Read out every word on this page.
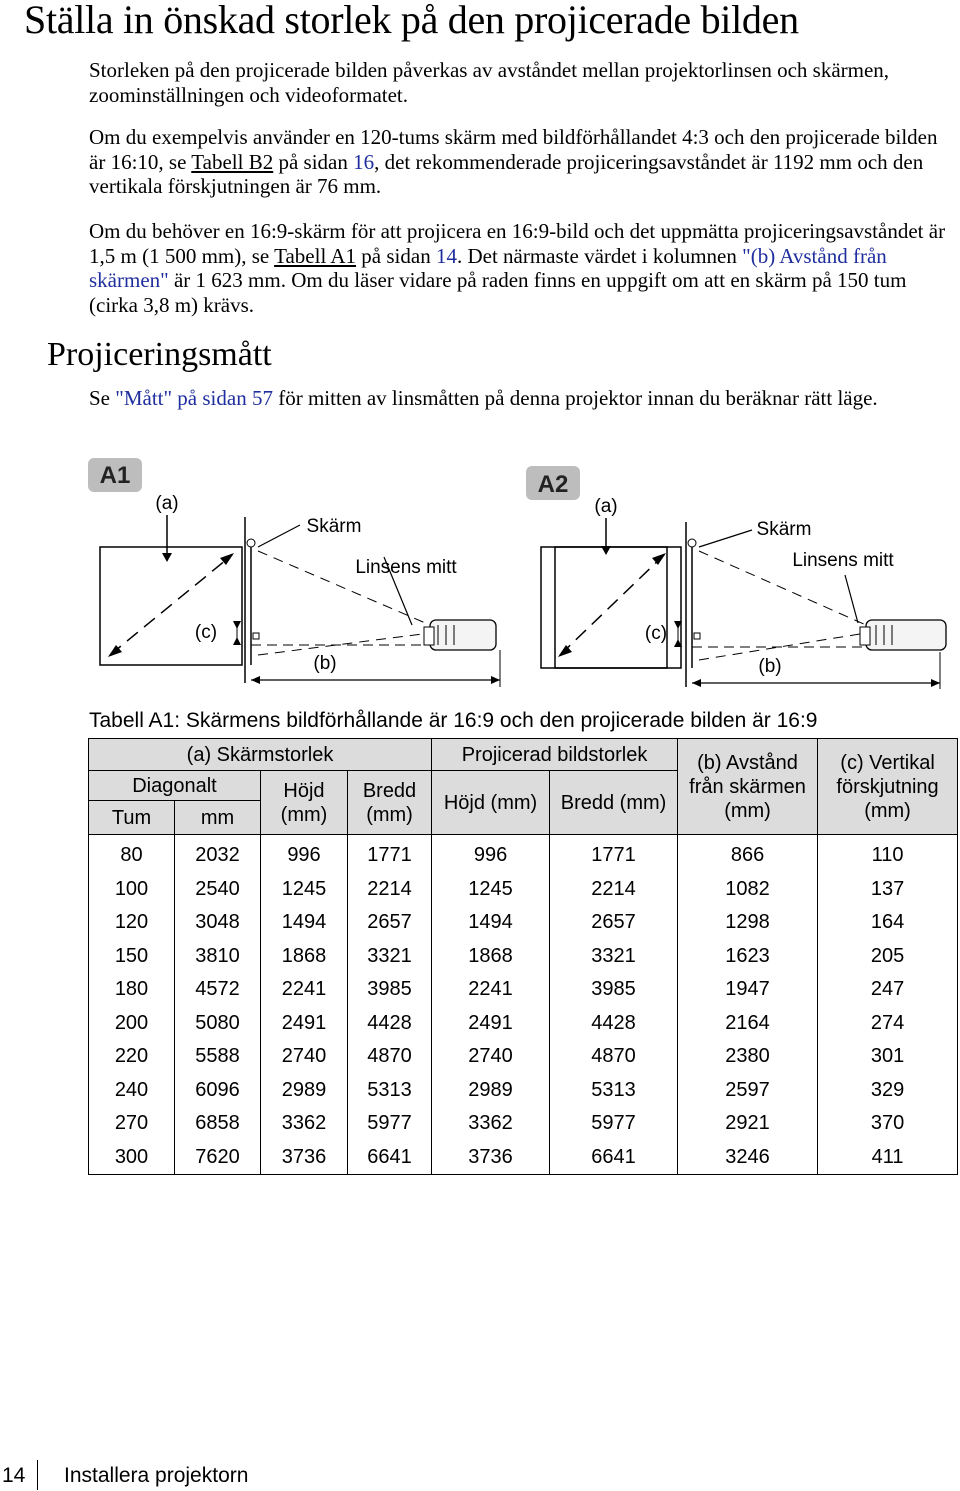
Ställa in önskad storlek på den projicerade bilden

Storleken på den projicerade bilden påverkas av avståndet mellan projektorlinsen och skärmen, zoominställningen och videoformatet.

Om du exempelvis använder en 120-tums skärm med bildförhållandet 4:3 och den projicerade bilden är 16:10, se Tabell B2 på sidan 16, det rekommenderade projiceringsavståndet är 1192 mm och den vertikala förskjutningen är 76 mm.

Om du behöver en 16:9-skärm för att projicera en 16:9-bild och det uppmätta projiceringsavståndet är 1,5 m (1 500 mm), se Tabell A1 på sidan 14. Det närmaste värdet i kolumnen "(b) Avstånd från skärmen" är 1 623 mm. Om du läser vidare på raden finns en uppgift om att en skärm på 150 tum (cirka 3,8 m) krävs.

Projiceringsmått

Se "Mått" på sidan 57 för mitten av linsmåtten på denna projektor innan du beräknar rätt läge.

A1
(a)
Skärm
Linsens mitt
(c)
(b)
A2
(a)
Skärm
Linsens mitt
(c)
(b)

Tabell A1: Skärmens bildförhållande är 16:9 och den projicerade bilden är 16:9

(a) Skärmstorlek				Projicerad bildstorlek		(b) Avstånd från skärmen (mm)	(c) Vertikal förskjutning (mm)
Diagonalt		Höjd (mm)	Bredd (mm)	Höjd (mm)	Bredd (mm)		
Tum	mm						
80	2032	996	1771	996	1771	866	110
100	2540	1245	2214	1245	2214	1082	137
120	3048	1494	2657	1494	2657	1298	164
150	3810	1868	3321	1868	3321	1623	205
180	4572	2241	3985	2241	3985	1947	247
200	5080	2491	4428	2491	4428	2164	274
220	5588	2740	4870	2740	4870	2380	301
240	6096	2989	5313	2989	5313	2597	329
270	6858	3362	5977	3362	5977	2921	370
300	7620	3736	6641	3736	6641	3246	411
14 Installera projektorn
